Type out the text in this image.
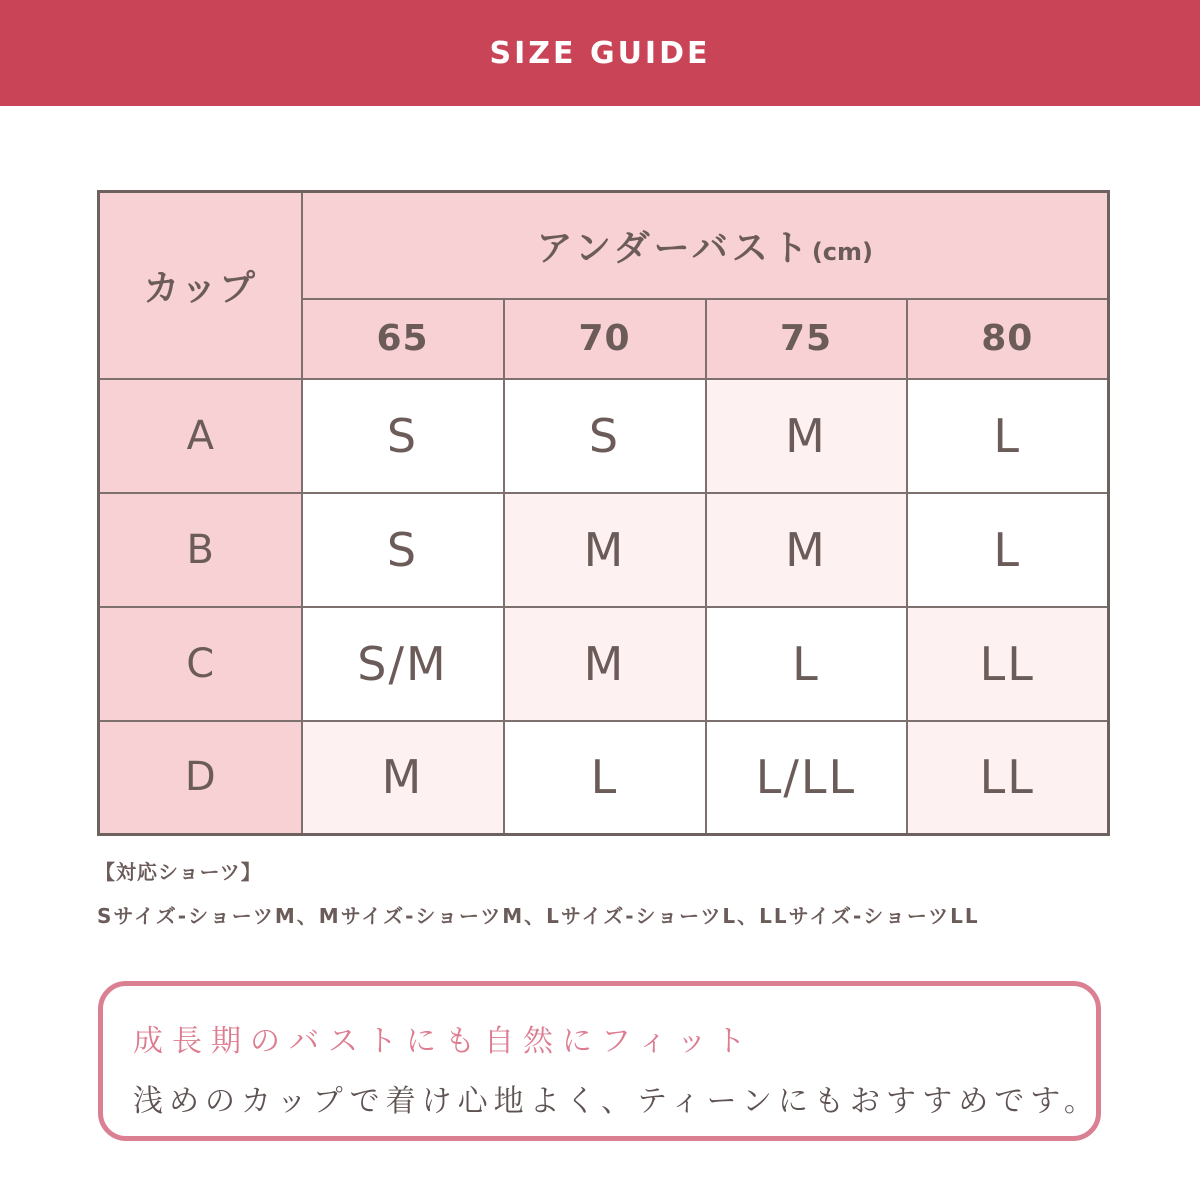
SIZE GUIDE
カップ	アンダーバスト(cm)			
	65	70	75	80
A	S	S	M	L
B	S	M	M	L
C	S/M	M	L	LL
D	M	L	L/LL	LL
【対応ショーツ】
Sサイズ-ショーツM、Mサイズ-ショーツM、Lサイズ-ショーツL、LLサイズ-ショーツLL
成長期のバストにも自然にフィット
浅めのカップで着け心地よく、ティーンにもおすすめです。
